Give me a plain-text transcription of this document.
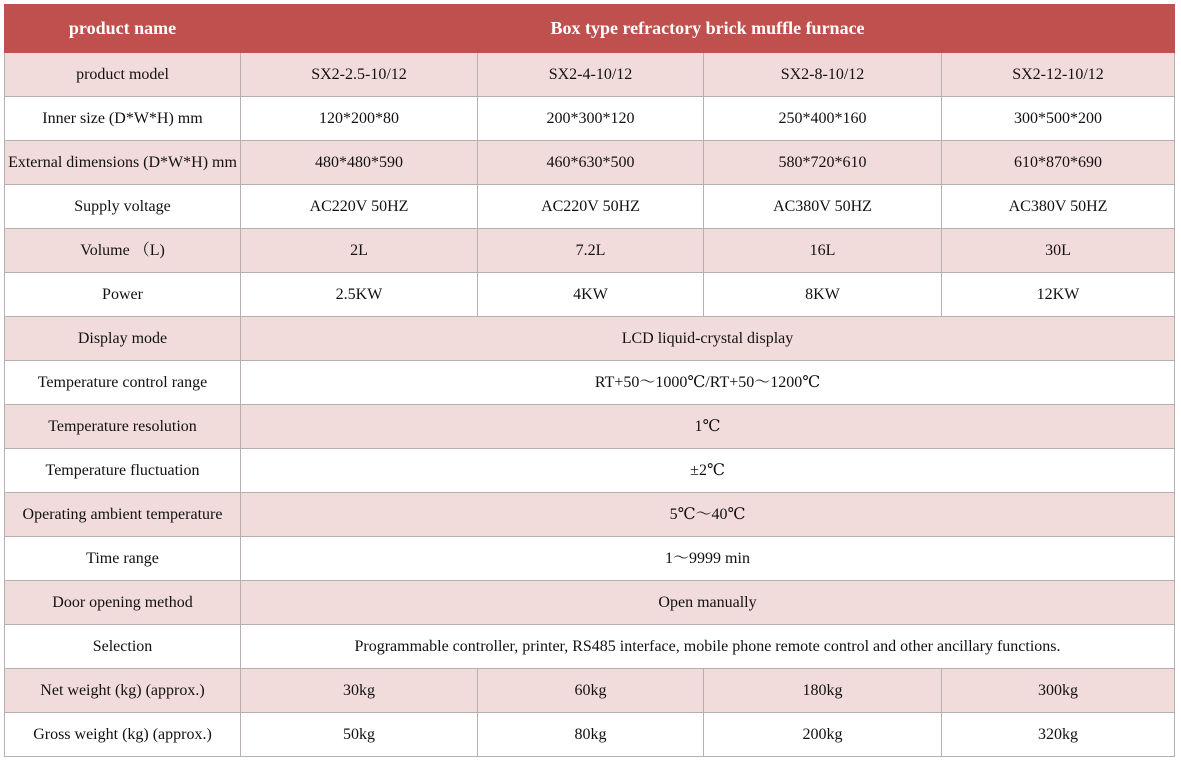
product name	Box type refractory brick muffle furnace			
product model	SX2-2.5-10/12	SX2-4-10/12	SX2-8-10/12	SX2-12-10/12
Inner size (D*W*H) mm	120*200*80	200*300*120	250*400*160	300*500*200
External dimensions (D*W*H) mm	480*480*590	460*630*500	580*720*610	610*870*690
Supply voltage	AC220V 50HZ	AC220V 50HZ	AC380V 50HZ	AC380V 50HZ
Volume （L)	2L	7.2L	16L	30L
Power	2.5KW	4KW	8KW	12KW
Display mode	LCD liquid-crystal display			
Temperature control range	RT+50～1000℃/RT+50～1200℃			
Temperature resolution	1℃			
Temperature fluctuation	±2℃			
Operating ambient temperature	5℃～40℃			
Time range	1～9999 min			
Door opening method	Open manually			
Selection	Programmable controller, printer, RS485 interface, mobile phone remote control and other ancillary functions.			
Net weight (kg) (approx.)	30kg	60kg	180kg	300kg
Gross weight (kg) (approx.)	50kg	80kg	200kg	320kg
